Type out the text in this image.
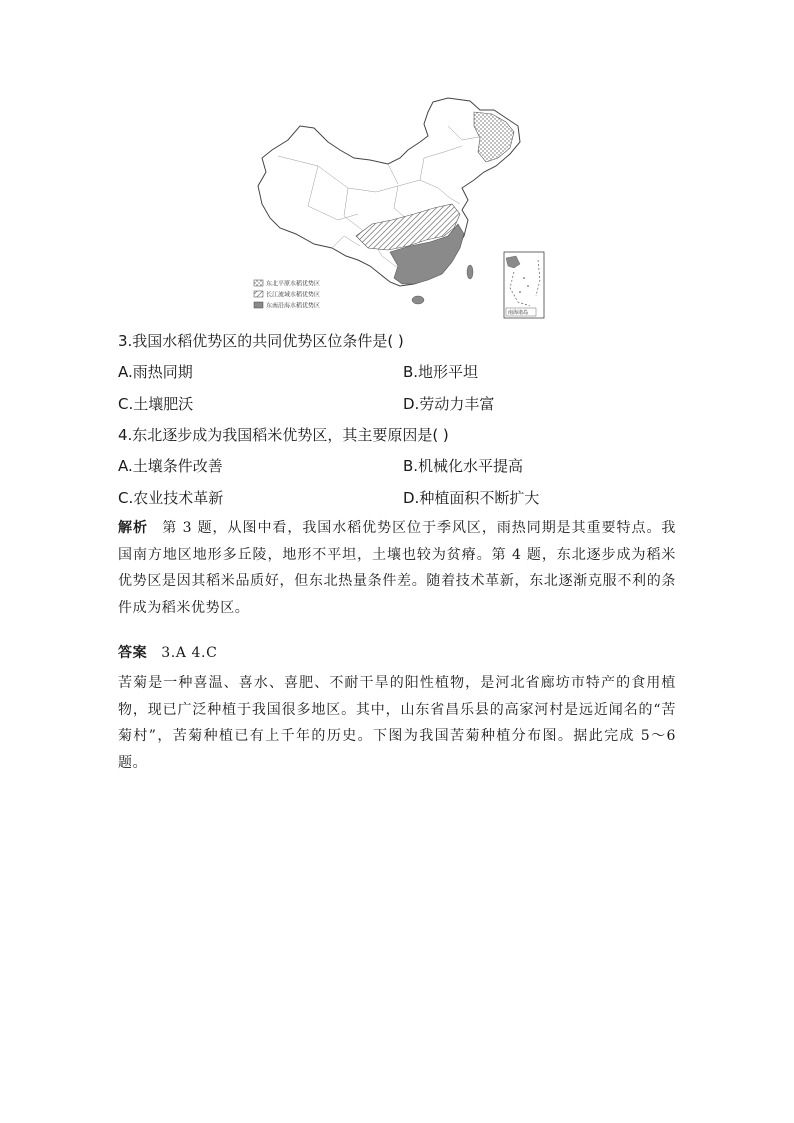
东北平原水稻优势区
长江流域水稻优势区
东南沿海水稻优势区
南海诸岛
3.我国水稻优势区的共同优势区位条件是( )
A.雨热同期	B.地形平坦
C.土壤肥沃	D.劳动力丰富
4.东北逐步成为我国稻米优势区，其主要原因是( )
A.土壤条件改善	B.机械化水平提高
C.农业技术革新	D.种植面积不断扩大
解析 第 3 题，从图中看，我国水稻优势区位于季风区，雨热同期是其重要特点。我国南方地区地形多丘陵，地形不平坦，土壤也较为贫瘠。第 4 题，东北逐步成为稻米优势区是因其稻米品质好，但东北热量条件差。随着技术革新，东北逐渐克服不利的条件成为稻米优势区。
答案 3.A 4.C
苦菊是一种喜温、喜水、喜肥、不耐干旱的阳性植物，是河北省廊坊市特产的食用植物，现已广泛种植于我国很多地区。其中，山东省昌乐县的高家河村是远近闻名的“苦菊村”，苦菊种植已有上千年的历史。下图为我国苦菊种植分布图。据此完成 5～6 题。
